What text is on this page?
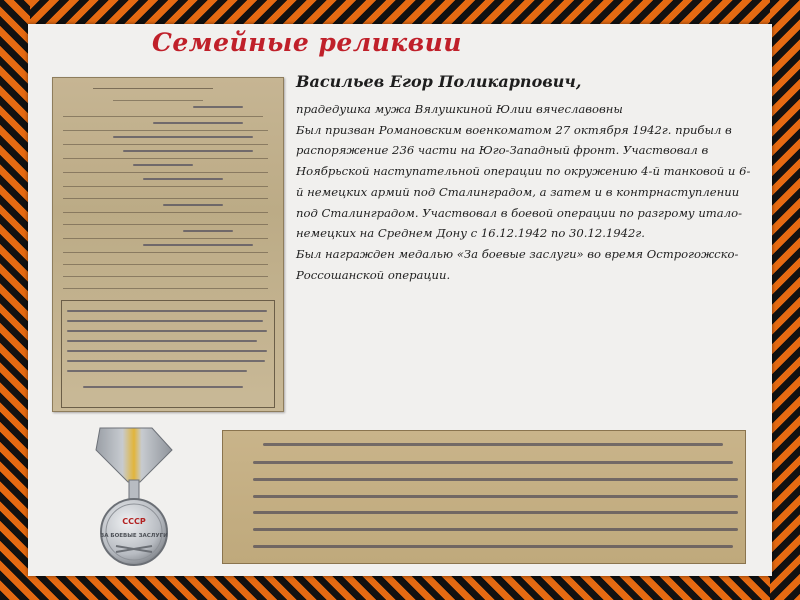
Семейные реликвии
СССР
ЗА БОЕВЫЕ ЗАСЛУГИ

Васильев Егор Поликарпович,

прадедушка мужа Вялушкиной Юлии вячеславовны

Был призван Романовским военкоматом 27 октября 1942г. прибыл в распоряжение 236 части на Юго-Западный фронт. Участвовал в Ноябрьской наступательной операции по окружению 4-й танковой и 6-й немецких армий под Сталинградом, а затем и в контрнаступлении под Сталинградом. Участвовал в боевой операции по разгрому итало-немецких на Среднем Дону с 16.12.1942 по 30.12.1942г.

Был награжден медалью «За боевые заслуги» во время Острогожско-Россошанской операции.
